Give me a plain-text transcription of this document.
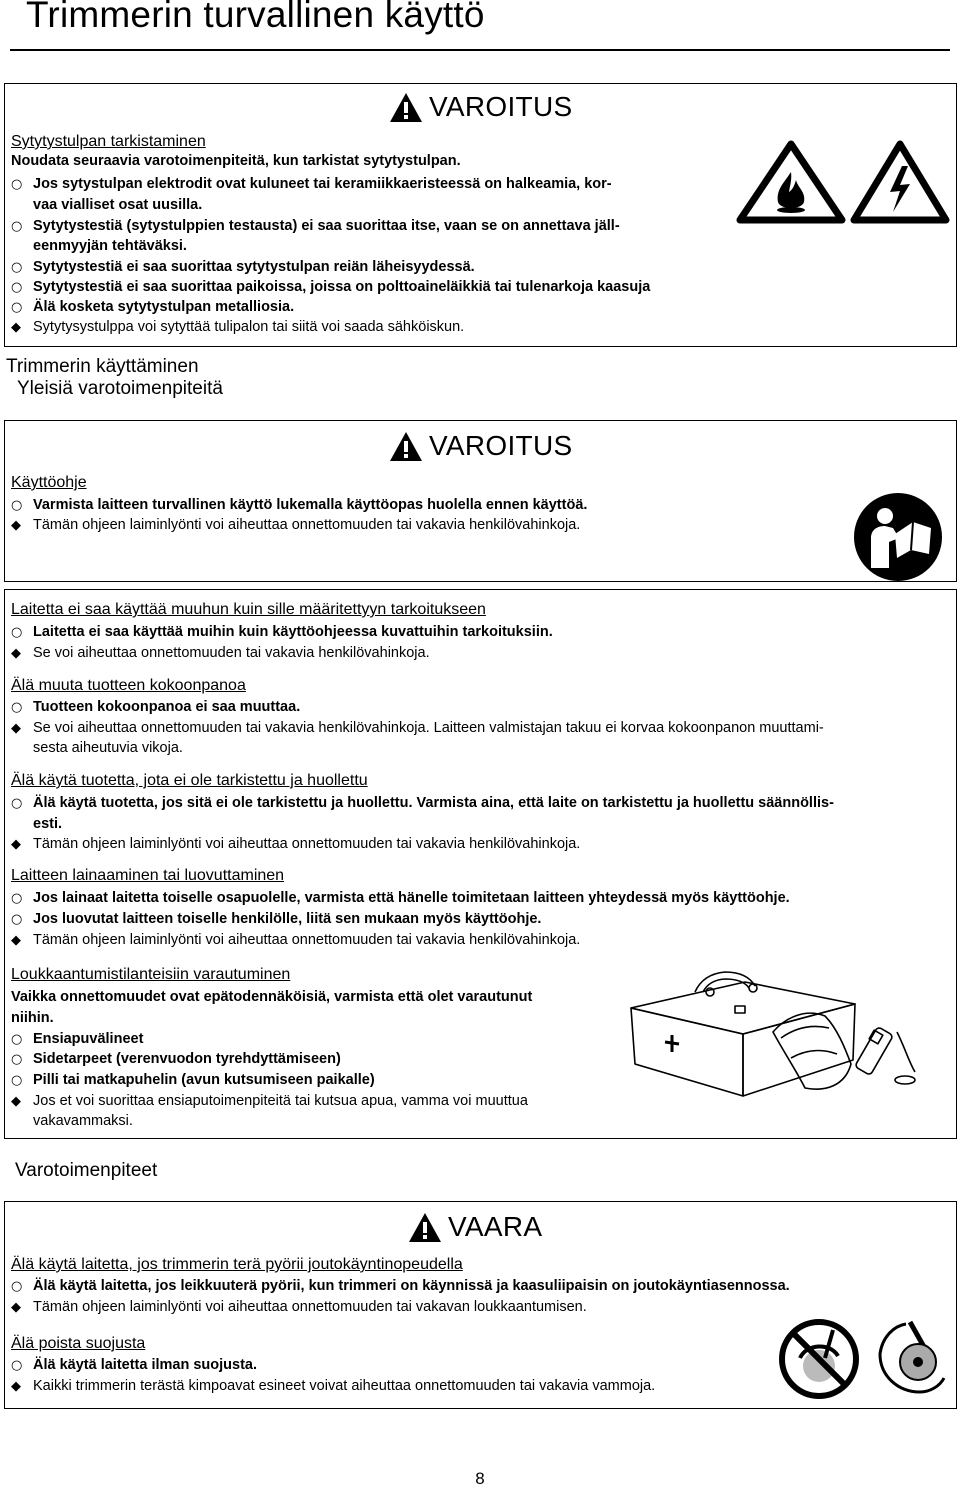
Trimmerin turvallinen käyttö
VAROITUS
Sytytystulpan tarkistaminen
Noudata seuraavia varotoimenpiteitä, kun tarkistat sytytystulpan.
○ Jos sytystulpan elektrodit ovat kuluneet tai keramiikkaeristeessä on halkeamia, kor-
vaa vialliset osat uusilla.
○ Sytytystestiä (sytystulppien testausta) ei saa suorittaa itse, vaan se on annettava jäll-
eenmyyjän tehtäväksi.
○ Sytytystestiä ei saa suorittaa sytytystulpan reiän läheisyydessä.
○ Sytytystestiä ei saa suorittaa paikoissa, joissa on polttoaineläikkiä tai tulenarkoja kaasuja
○ Älä kosketa sytytystulpan metalliosia.
◆ Sytytysystulppa voi sytyttää tulipalon tai siitä voi saada sähköiskun.
Trimmerin käyttäminen
Yleisiä varotoimenpiteitä
VAROITUS
Käyttöohje
○ Varmista laitteen turvallinen käyttö lukemalla käyttöopas huolella ennen käyttöä.
◆ Tämän ohjeen laiminlyönti voi aiheuttaa onnettomuuden tai vakavia henkilövahinkoja.
Laitetta ei saa käyttää muuhun kuin sille määritettyyn tarkoitukseen
○ Laitetta ei saa käyttää muihin kuin käyttöohjeessa kuvattuihin tarkoituksiin.
◆ Se voi aiheuttaa onnettomuuden tai vakavia henkilövahinkoja.
Älä muuta tuotteen kokoonpanoa
○ Tuotteen kokoonpanoa ei saa muuttaa.
◆ Se voi aiheuttaa onnettomuuden tai vakavia henkilövahinkoja. Laitteen valmistajan takuu ei korvaa kokoonpanon muuttami-
sesta aiheutuvia vikoja.
Älä käytä tuotetta, jota ei ole tarkistettu ja huollettu
○ Älä käytä tuotetta, jos sitä ei ole tarkistettu ja huollettu. Varmista aina, että laite on tarkistettu ja huollettu säännöllis-
esti.
◆ Tämän ohjeen laiminlyönti voi aiheuttaa onnettomuuden tai vakavia henkilövahinkoja.
Laitteen lainaaminen tai luovuttaminen
○ Jos lainaat laitetta toiselle osapuolelle, varmista että hänelle toimitetaan laitteen yhteydessä myös käyttöohje.
○ Jos luovutat laitteen toiselle henkilölle, liitä sen mukaan myös käyttöohje.
◆ Tämän ohjeen laiminlyönti voi aiheuttaa onnettomuuden tai vakavia henkilövahinkoja.
Loukkaantumistilanteisiin varautuminen
Vaikka onnettomuudet ovat epätodennäköisiä, varmista että olet varautunut
niihin.
○ Ensiapuvälineet
○ Sidetarpeet (verenvuodon tyrehdyttämiseen)
○ Pilli tai matkapuhelin (avun kutsumiseen paikalle)
◆ Jos et voi suorittaa ensiaputoimenpiteitä tai kutsua apua, vamma voi muuttua
vakavammaksi.
Varotoimenpiteet
VAARA
Älä käytä laitetta, jos trimmerin terä pyörii joutokäyntinopeudella
○ Älä käytä laitetta, jos leikkuuterä pyörii, kun trimmeri on käynnissä ja kaasuliipaisin on joutokäyntiasennossa.
◆ Tämän ohjeen laiminlyönti voi aiheuttaa onnettomuuden tai vakavan loukkaantumisen.
Älä poista suojusta
○ Älä käytä laitetta ilman suojusta.
◆ Kaikki trimmerin terästä kimpoavat esineet voivat aiheuttaa onnettomuuden tai vakavia vammoja.
8
